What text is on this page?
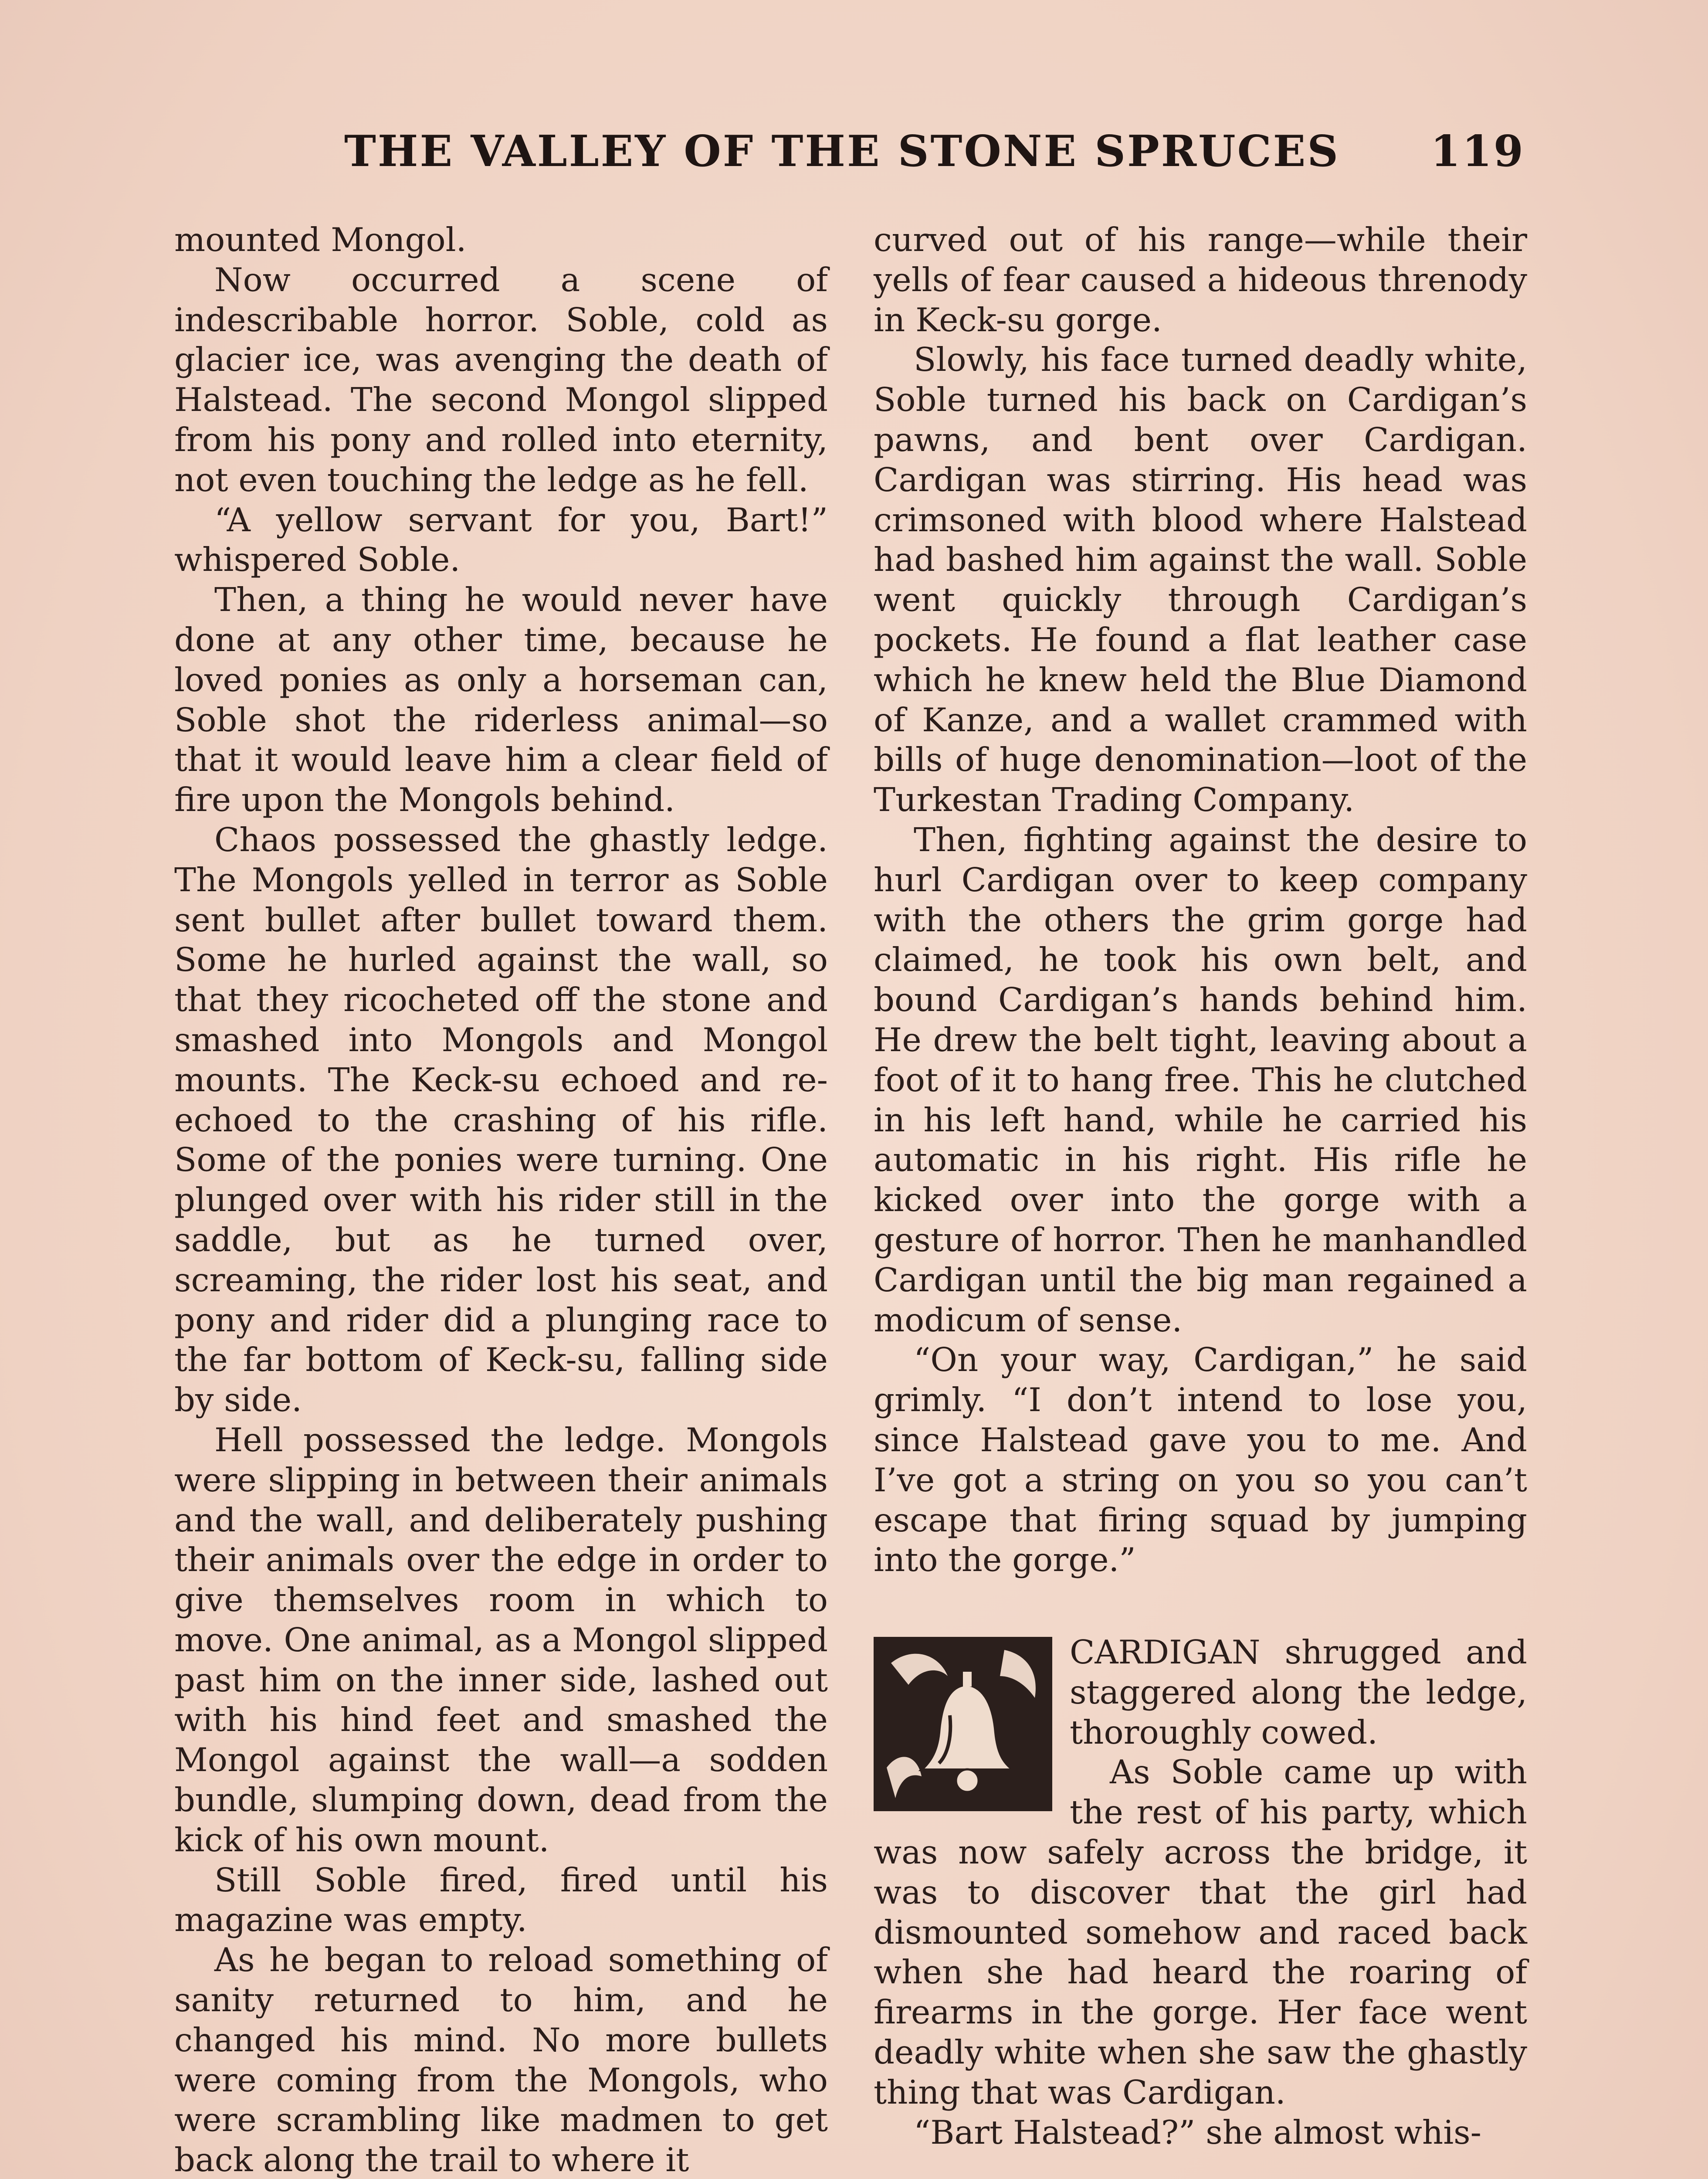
THE VALLEY OF THE STONE SPRUCES 119

mounted Mongol.

Now occurred a scene of indescribable horror. Soble, cold as glacier ice, was avenging the death of Halstead. The second Mongol slipped from his pony and rolled into eternity, not even touching the ledge as he fell.

“A yellow servant for you, Bart!” whispered Soble.

Then, a thing he would never have done at any other time, because he loved ponies as only a horseman can, Soble shot the riderless animal—so that it would leave him a clear field of fire upon the Mongols behind.

Chaos possessed the ghastly ledge. The Mongols yelled in terror as Soble sent bullet after bullet toward them. Some he hurled against the wall, so that they ricocheted off the stone and smashed into Mongols and Mongol mounts. The Keck-su echoed and re-echoed to the crashing of his rifle. Some of the ponies were turning. One plunged over with his rider still in the saddle, but as he turned over, screaming, the rider lost his seat, and pony and rider did a plunging race to the far bottom of Keck-su, falling side by side.

Hell possessed the ledge. Mongols were slipping in between their animals and the wall, and deliberately pushing their animals over the edge in order to give themselves room in which to move. One animal, as a Mongol slipped past him on the inner side, lashed out with his hind feet and smashed the Mongol against the wall—a sodden bundle, slumping down, dead from the kick of his own mount.

Still Soble fired, fired until his magazine was empty.

As he began to reload something of sanity returned to him, and he changed his mind. No more bullets were coming from the Mongols, who were scrambling like madmen to get back along the trail to where it

curved out of his range—while their yells of fear caused a hideous threnody in Keck-su gorge.

Slowly, his face turned deadly white, Soble turned his back on Cardigan’s pawns, and bent over Cardigan. Cardigan was stirring. His head was crimsoned with blood where Halstead had bashed him against the wall. Soble went quickly through Cardigan’s pockets. He found a flat leather case which he knew held the Blue Diamond of Kanze, and a wallet crammed with bills of huge denomination—loot of the Turkestan Trading Company.

Then, fighting against the desire to hurl Cardigan over to keep company with the others the grim gorge had claimed, he took his own belt, and bound Cardigan’s hands behind him. He drew the belt tight, leaving about a foot of it to hang free. This he clutched in his left hand, while he carried his automatic in his right. His rifle he kicked over into the gorge with a gesture of horror. Then he manhandled Cardigan until the big man regained a modicum of sense.

“On your way, Cardigan,” he said grimly. “I don’t intend to lose you, since Halstead gave you to me. And I’ve got a string on you so you can’t escape that firing squad by jumping into the gorge.”

CARDIGAN shrugged and staggered along the ledge, thoroughly cowed.

As Soble came up with the rest of his party, which was now safely across the bridge, it was to discover that the girl had dismounted somehow and raced back when she had heard the roaring of firearms in the gorge. Her face went deadly white when she saw the ghastly thing that was Cardigan.

“Bart Halstead?” she almost whis-
